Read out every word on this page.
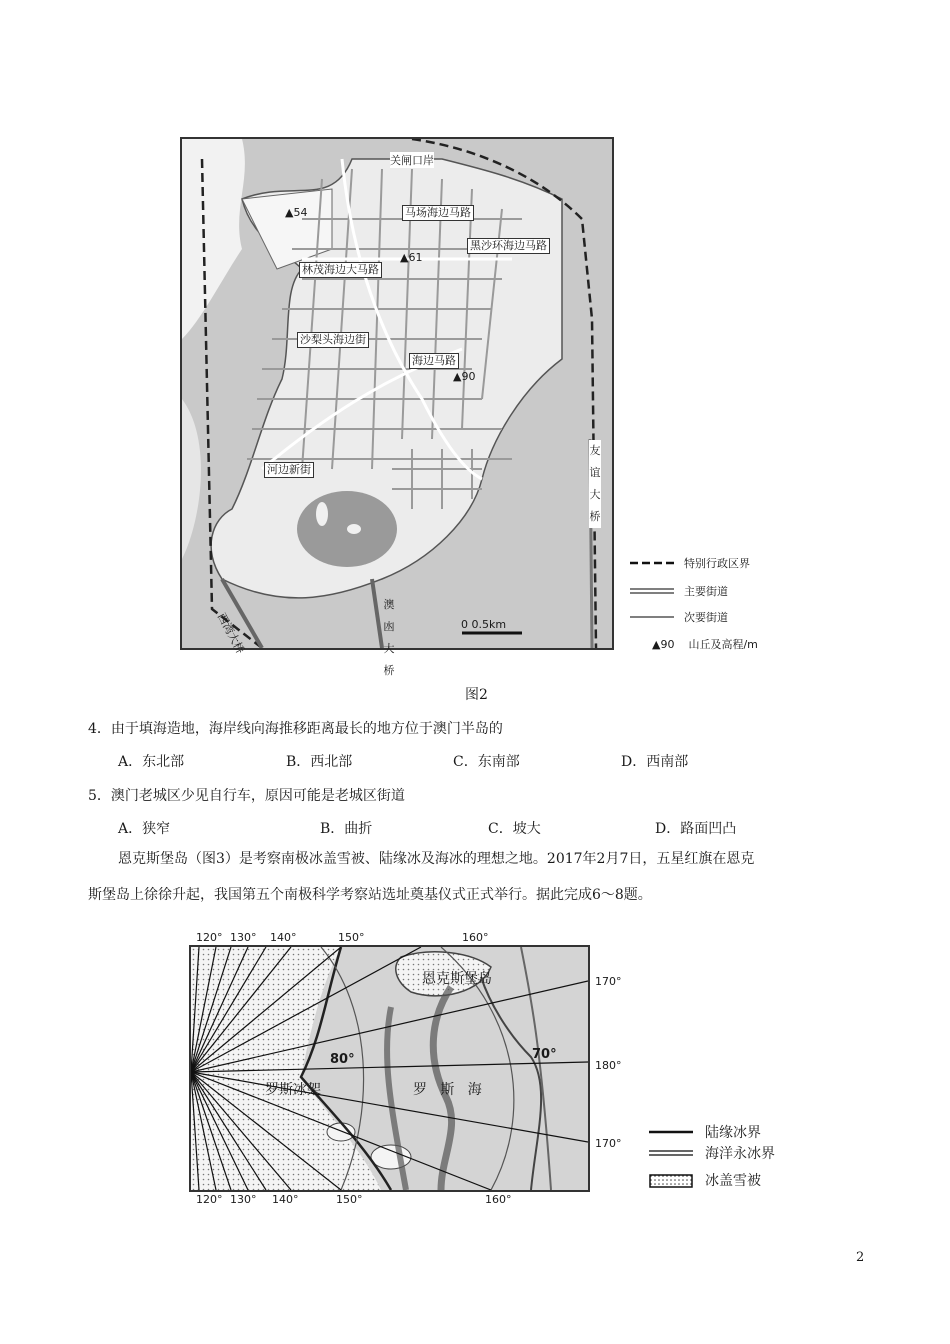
关闸口岸
▲54	马场海边马路
黑沙环海边马路
▲61
林茂海边大马路
沙梨头海边街
海边马路
▲90
河边新街
西湾大桥
澳凼大桥
友谊大桥
0 0.5km
特别行政区界
主要街道
次要街道
▲90 山丘及高程/m
图2
4．由于填海造地，海岸线向海推移距离最长的地方位于澳门半岛的
A．东北部	B．西北部	C．东南部	D．西南部
5．澳门老城区少见自行车，原因可能是老城区街道
A．狭窄	B．曲折	C．坡大	D．路面凹凸
恩克斯堡岛（图3）是考察南极冰盖雪被、陆缘冰及海冰的理想之地。2017年2月7日，五星红旗在恩克
斯堡岛上徐徐升起，我国第五个南极科学考察站选址奠基仪式正式举行。据此完成6～8题。
120° 130° 140°	150°	160°
120° 130° 140°	150°	160°
170°
180°
170°
80°	70°
恩克斯堡岛
罗斯冰架	罗   斯   海
陆缘冰界
海洋永冰界
冰盖雪被
2
